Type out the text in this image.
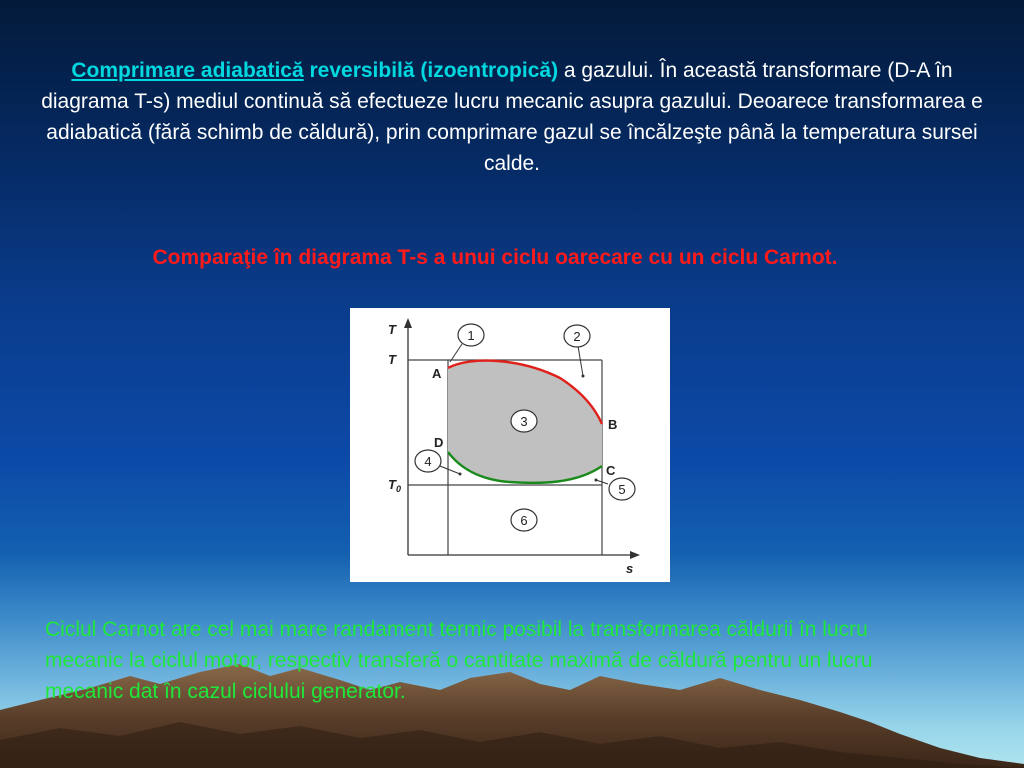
Comprimare adiabatică reversibilă (izoentropică) a gazului. În această transformare (D-A în diagrama T-s) mediul continuă să efectueze lucru mecanic asupra gazului. Deoarece transformarea e adiabatică (fără schimb de căldură), prin comprimare gazul se încălzeşte până la temperatura sursei calde.
Comparaţie în diagrama T-s a unui ciclu oarecare cu un ciclu Carnot.
T
T
$T_0$
s
A
B
C
D
1	2
3
4
5
6
Ciclul Carnot are cel mai mare randament termic posibil la transformarea căldurii în lucru mecanic la ciclul motor, respectiv transferă o cantitate maximă de căldură pentru un lucru mecanic dat în cazul ciclului generator.
